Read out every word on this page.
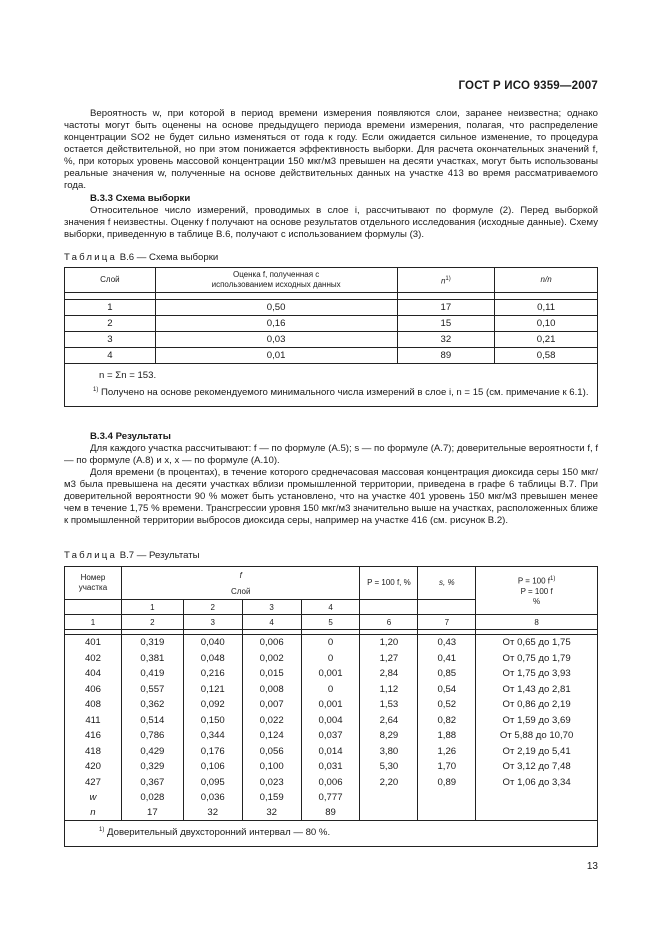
ГОСТ Р ИСО 9359—2007

Вероятность w, при которой в период времени измерения появляются слои, заранее неизвестна; однако частоты могут быть оценены на основе предыдущего периода времени измерения, полагая, что распределение концентрации SO2 не будет сильно изменяться от года к году. Если ожидается сильное изменение, то процедура остается действительной, но при этом понижается эффективность выборки. Для расчета окончательных значений f, %, при которых уровень массовой концентрации 150 мкг/м3 превышен на десяти участках, могут быть использованы реальные значения w, полученные на основе действительных данных на участке 413 во время рассматриваемого года.

В.3.3 Схема выборки

Относительное число измерений, проводимых в слое i, рассчитывают по формуле (2). Перед выборкой значения f неизвестны. Оценку f получают на основе результатов отдельного исследования (исходные данные). Схему выборки, приведенную в таблице В.6, получают с использованием формулы (3).

Таблица В.6 — Схема выборки
Слой	Оценка f, полученная с использованием исходных данных	$n^{1)}$	n/n

1	0,50	17	0,11
2	0,16	15	0,10
3	0,03	32	0,21
4	0,01	89	0,58

n = Σn = 153.
$^{1)}$ Получено на основе рекомендуемого минимального числа измерений в слое i, n = 15 (см. примечание к 6.1).			

В.3.4 Результаты

Для каждого участка рассчитывают: f — по формуле (А.5); s — по формуле (А.7); доверительные вероятности f, f — по формуле (А.8) и x, x — по формуле (А.10).

Доля времени (в процентах), в течение которого среднечасовая массовая концентрация диоксида серы 150 мкг/м3 была превышена на десяти участках вблизи промышленной территории, приведена в графе 6 таблицы В.7. При доверительной вероятности 90 % может быть установлено, что на участке 401 уровень 150 мкг/м3 превышен менее чем в течение 1,75 % времени. Трансгрессии уровня 150 мкг/м3 значительно выше на участках, расположенных ближе к промышленной территории выбросов диоксида серы, например на участке 416 (см. рисунок В.2).

Таблица В.7 — Результаты
Номер участка	f				P = 100 f, %	s, %	P = 100 $f^{1)}$
P = 100 f
%

	Слой						
	1	2	3	4			
1	2	3	4	5	6	7	8

401	0,319	0,040	0,006	0	1,20	0,43	От 0,65 до 1,75
402	0,381	0,048	0,002	0	1,27	0,41	От 0,75 до 1,79
404	0,419	0,216	0,015	0,001	2,84	0,85	От 1,75 до 3,93
406	0,557	0,121	0,008	0	1,12	0,54	От 1,43 до 2,81
408	0,362	0,092	0,007	0,001	1,53	0,52	От 0,86 до 2,19
411	0,514	0,150	0,022	0,004	2,64	0,82	От 1,59 до 3,69
416	0,786	0,344	0,124	0,037	8,29	1,88	От 5,88 до 10,70
418	0,429	0,176	0,056	0,014	3,80	1,26	От 2,19 до 5,41
420	0,329	0,106	0,100	0,031	5,30	1,70	От 3,12 до 7,48
427	0,367	0,095	0,023	0,006	2,20	0,89	От 1,06 до 3,34
w	0,028	0,036	0,159	0,777			
n	17	32	32	89			
$^{1)}$ Доверительный двухсторонний интервал — 80 %.							
13
